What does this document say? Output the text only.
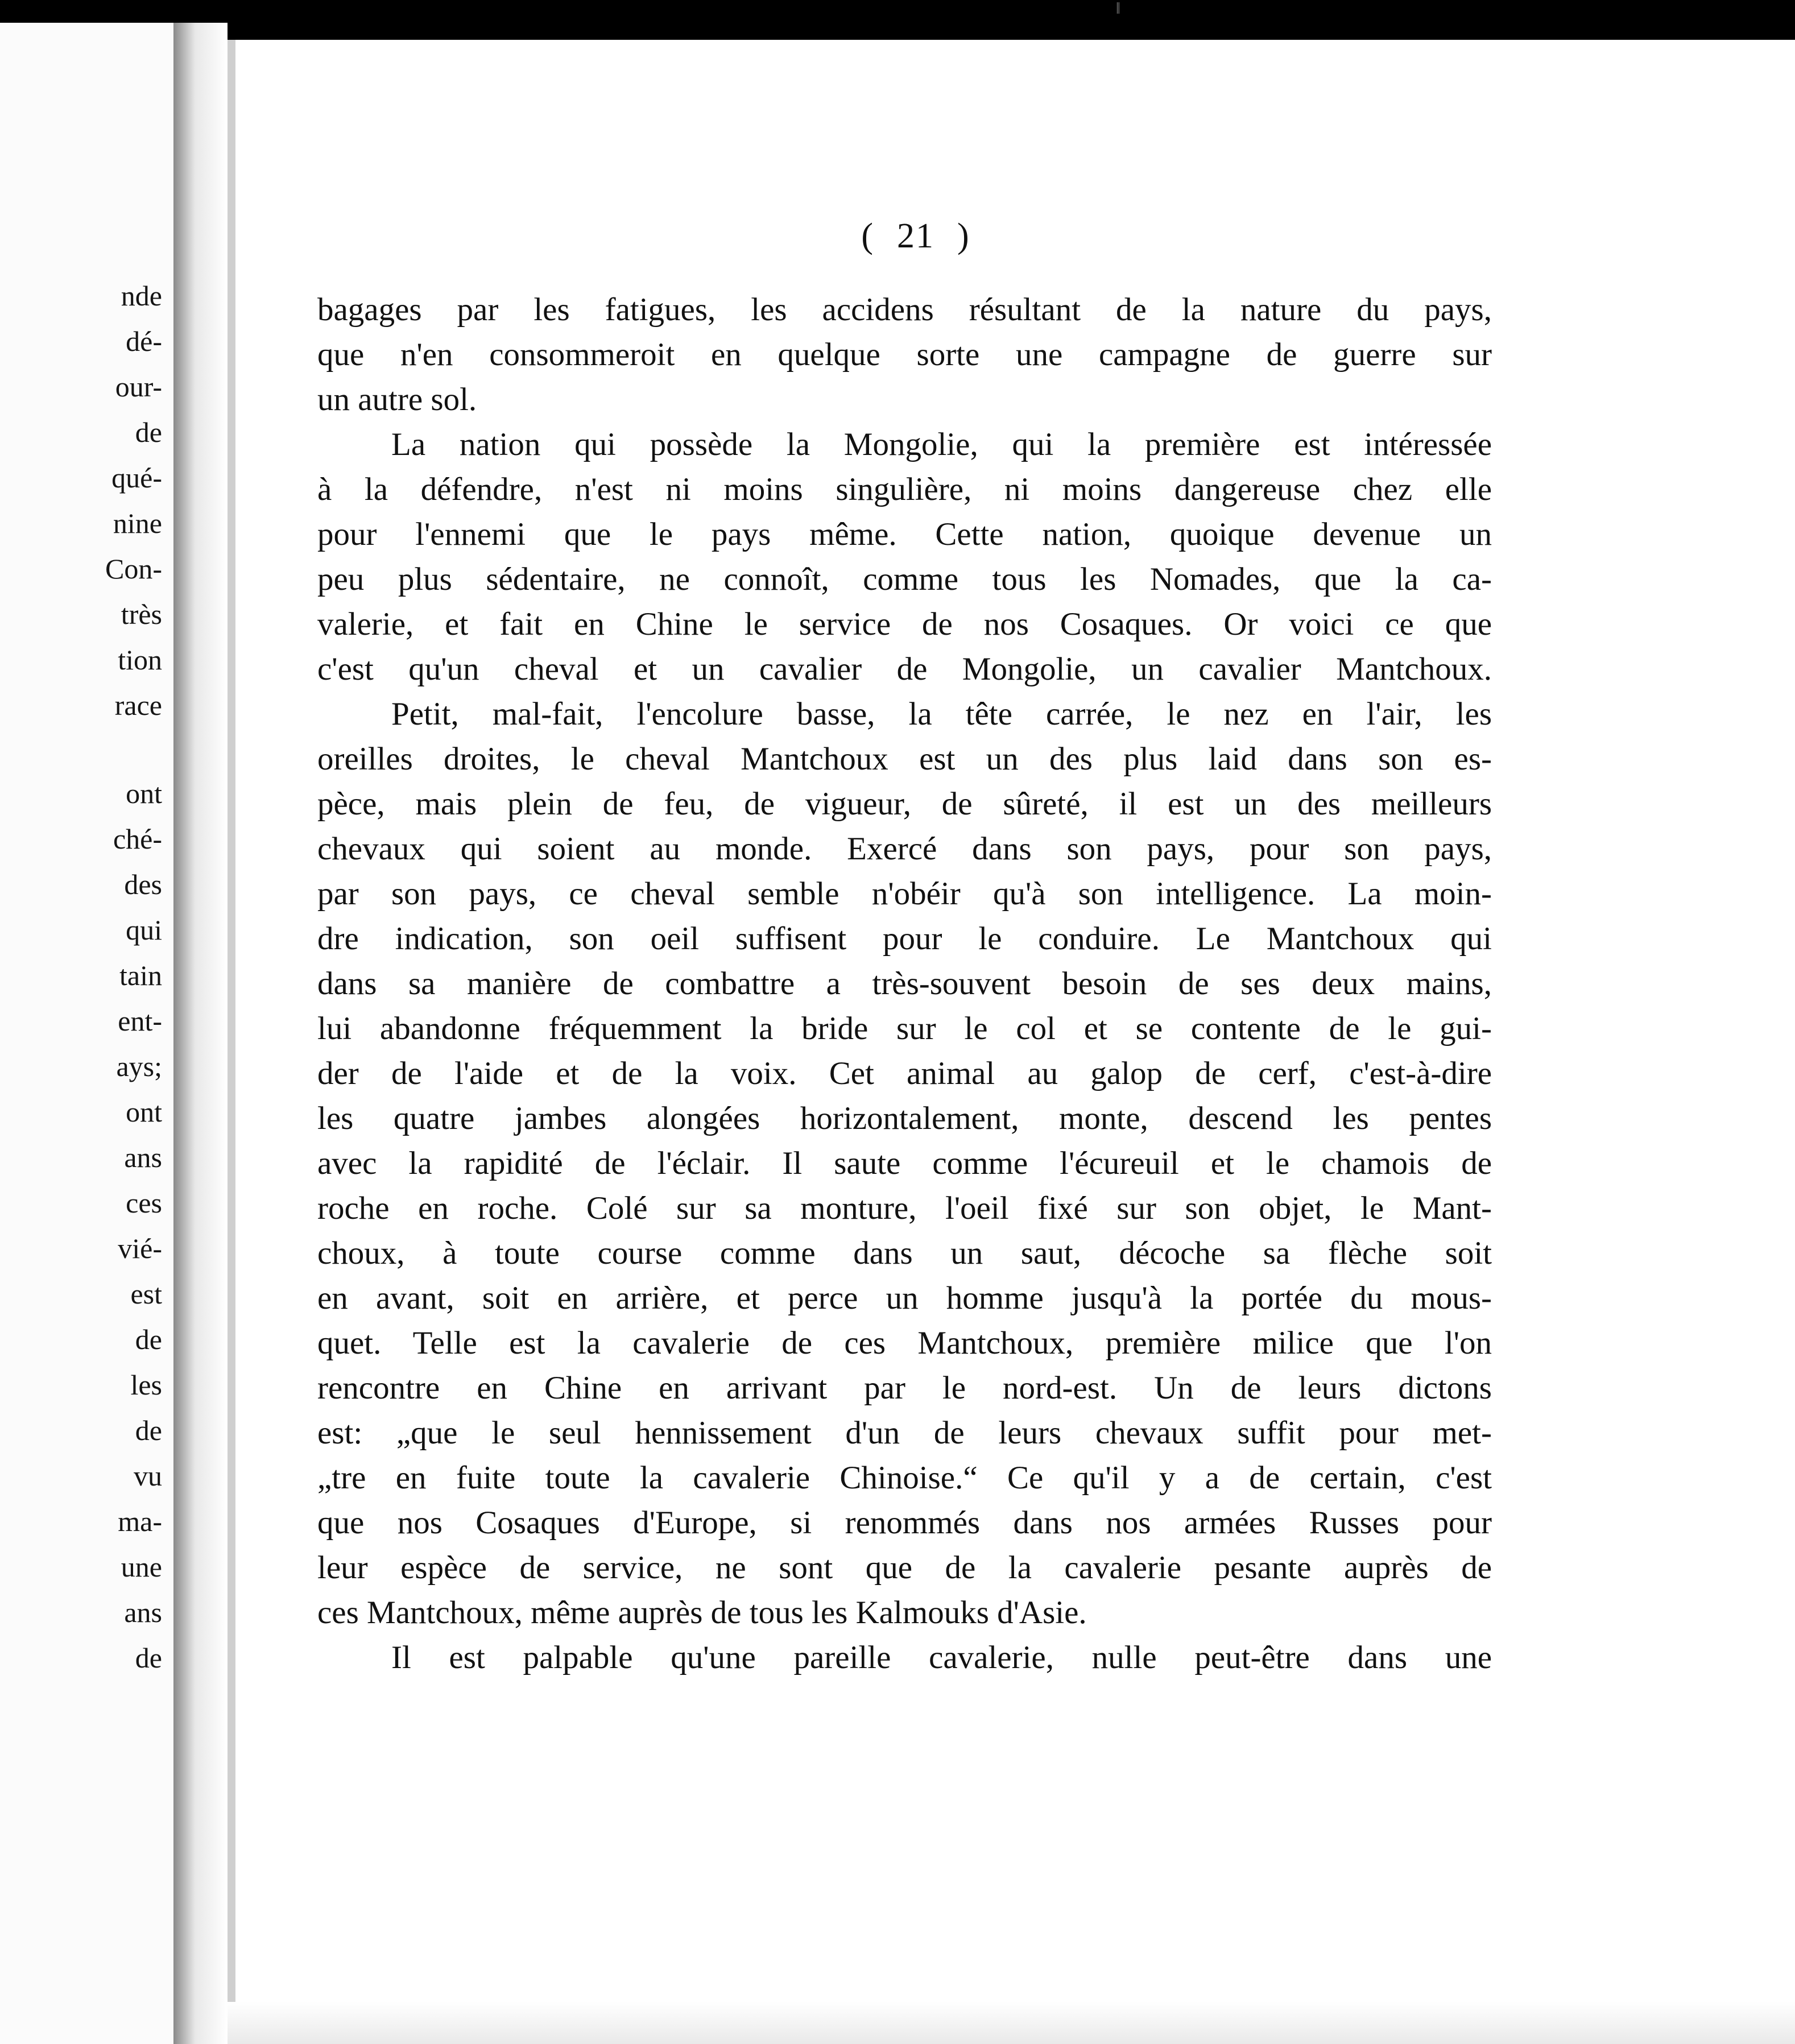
ǁ
nde
dé-
our-
de
qué-
nine
Con-
très
tion
race
ont
ché-
des
qui
tain
ent-
ays;
ont
ans
ces
vié-
est
de
les
de
vu
ma-
une
ans
de
( 21 )
bagages par les fatigues, les accidens résultant de la nature du pays,
que n'en consommeroit en quelque sorte une campagne de guerre sur
un autre sol.
La nation qui possède la Mongolie, qui la première est intéressée
à la défendre, n'est ni moins singulière, ni moins dangereuse chez elle
pour l'ennemi que le pays même. Cette nation, quoique devenue un
peu plus sédentaire, ne connoît, comme tous les Nomades, que la ca-
valerie, et fait en Chine le service de nos Cosaques. Or voici ce que
c'est qu'un cheval et un cavalier de Mongolie, un cavalier Mantchoux.
Petit, mal-fait, l'encolure basse, la tête carrée, le nez en l'air, les
oreilles droites, le cheval Mantchoux est un des plus laid dans son es-
pèce, mais plein de feu, de vigueur, de sûreté, il est un des meilleurs
chevaux qui soient au monde. Exercé dans son pays, pour son pays,
par son pays, ce cheval semble n'obéir qu'à son intelligence. La moin-
dre indication, son oeil suffisent pour le conduire. Le Mantchoux qui
dans sa manière de combattre a très-souvent besoin de ses deux mains,
lui abandonne fréquemment la bride sur le col et se contente de le gui-
der de l'aide et de la voix. Cet animal au galop de cerf, c'est-à-dire
les quatre jambes alongées horizontalement, monte, descend les pentes
avec la rapidité de l'éclair. Il saute comme l'écureuil et le chamois de
roche en roche. Colé sur sa monture, l'oeil fixé sur son objet, le Mant-
choux, à toute course comme dans un saut, décoche sa flèche soit
en avant, soit en arrière, et perce un homme jusqu'à la portée du mous-
quet. Telle est la cavalerie de ces Mantchoux, première milice que l'on
rencontre en Chine en arrivant par le nord-est. Un de leurs dictons
est: „que le seul hennissement d'un de leurs chevaux suffit pour met-
„tre en fuite toute la cavalerie Chinoise.“ Ce qu'il y a de certain, c'est
que nos Cosaques d'Europe, si renommés dans nos armées Russes pour
leur espèce de service, ne sont que de la cavalerie pesante auprès de
ces Mantchoux, même auprès de tous les Kalmouks d'Asie.
Il est palpable qu'une pareille cavalerie, nulle peut-être dans une
